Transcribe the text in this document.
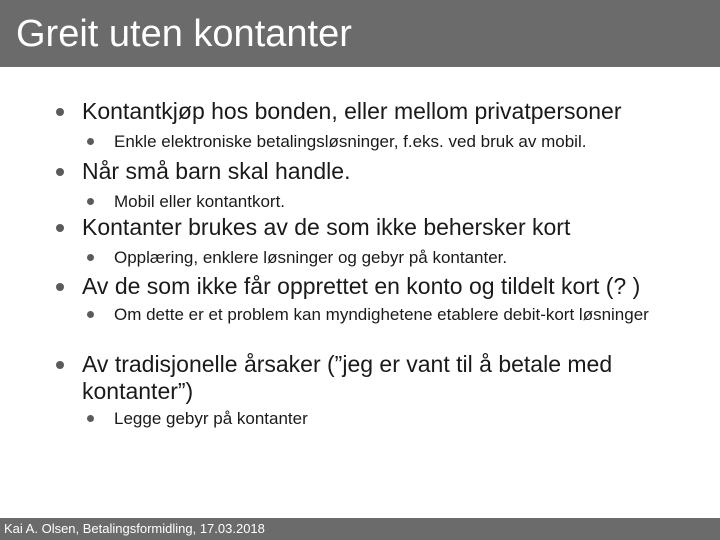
Greit uten kontanter
Kontantkjøp hos bonden, eller mellom privatpersoner
Enkle elektroniske betalingsløsninger, f.eks. ved bruk av mobil.
Når små barn skal handle.
Mobil eller kontantkort.
Kontanter brukes av de som ikke behersker kort
Opplæring, enklere løsninger og gebyr på kontanter.
Av de som ikke får opprettet en konto og tildelt kort (? )
Om dette er et problem kan myndighetene etablere debit-kort løsninger
Av tradisjonelle årsaker (”jeg er vant til å betale med kontanter”)
Legge gebyr på kontanter
Kai A. Olsen, Betalingsformidling, 17.03.2018
